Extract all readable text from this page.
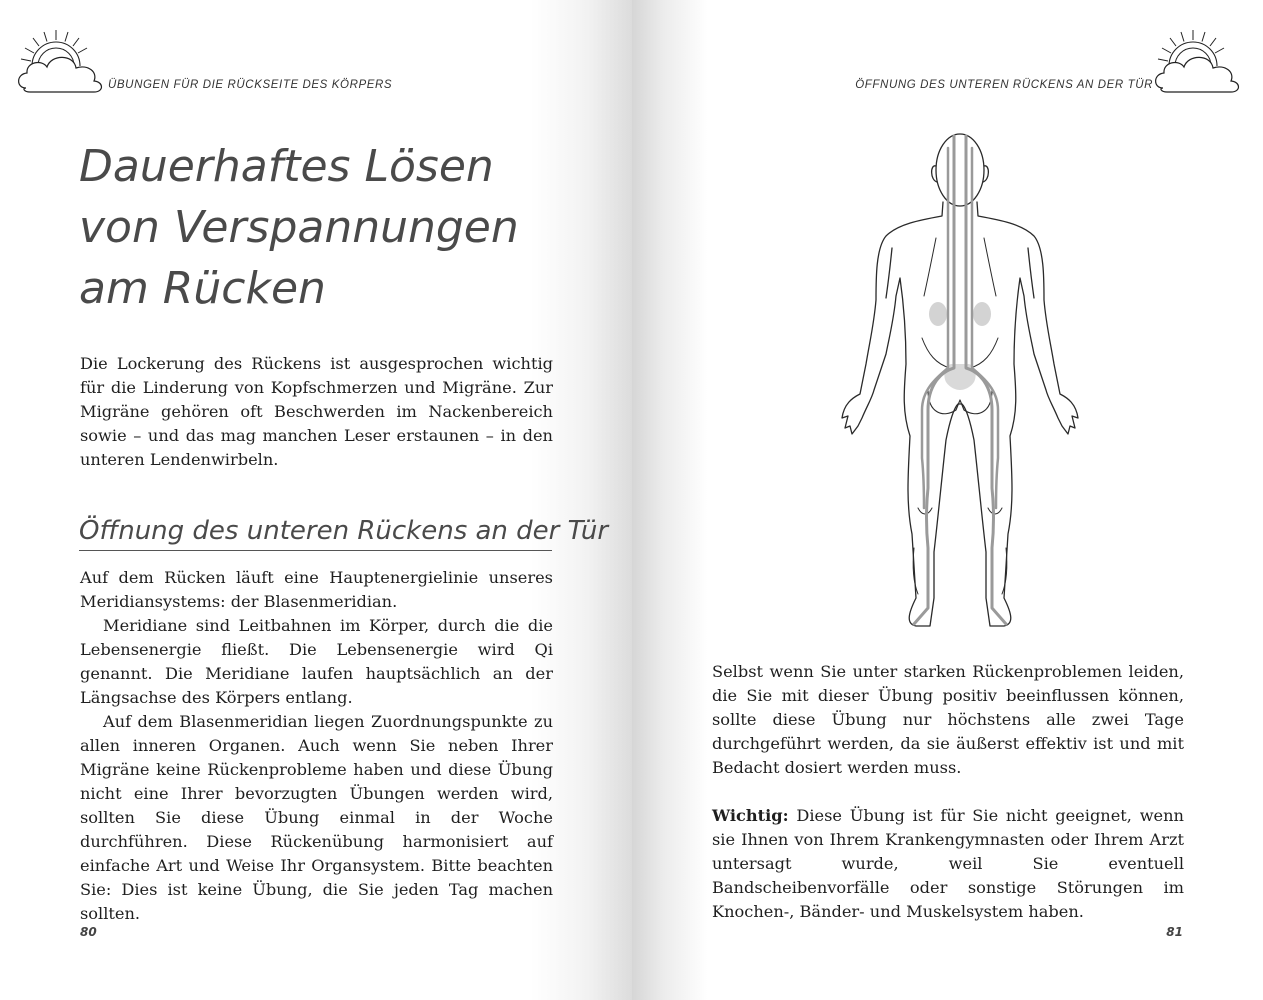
ÜBUNGEN FÜR DIE RÜCKSEITE DES KÖRPERS
Dauerhaftes Lösen
von Verspannungen
am Rücken

Die Lockerung des Rückens ist ausgesprochen wichtig für die Linderung von Kopfschmerzen und Migräne. Zur Migräne gehören oft Beschwerden im Nackenbereich sowie – und das mag manchen Leser erstaunen – in den unteren Lendenwirbeln.

Öffnung des unteren Rückens an der Tür

Auf dem Rücken läuft eine Hauptenergielinie unseres Meridiansystems: der Blasenmeridian.

Meridiane sind Leitbahnen im Körper, durch die die Lebensenergie fließt. Die Lebensenergie wird Qi genannt. Die Meridiane laufen hauptsächlich an der Längsachse des Körpers entlang.

Auf dem Blasenmeridian liegen Zuordnungspunkte zu allen inneren Organen. Auch wenn Sie neben Ihrer Migräne keine Rückenprobleme haben und diese Übung nicht eine Ihrer bevorzugten Übungen werden wird, sollten Sie diese Übung einmal in der Woche durchführen. Diese Rückenübung harmonisiert auf einfache Art und Weise Ihr Organsystem. Bitte beachten Sie: Dies ist keine Übung, die Sie jeden Tag machen sollten.

80
ÖFFNUNG DES UNTEREN RÜCKENS AN DER TÜR

Selbst wenn Sie unter starken Rückenproblemen leiden, die Sie mit dieser Übung positiv beeinflussen können, sollte diese Übung nur höchstens alle zwei Tage durchgeführt werden, da sie äußerst effektiv ist und mit Bedacht dosiert werden muss.

Wichtig: Diese Übung ist für Sie nicht geeignet, wenn sie Ihnen von Ihrem Krankengymnasten oder Ihrem Arzt untersagt wurde, weil Sie eventuell Bandscheibenvorfälle oder sonstige Störungen im Knochen-, Bänder- und Muskelsystem haben.

81
